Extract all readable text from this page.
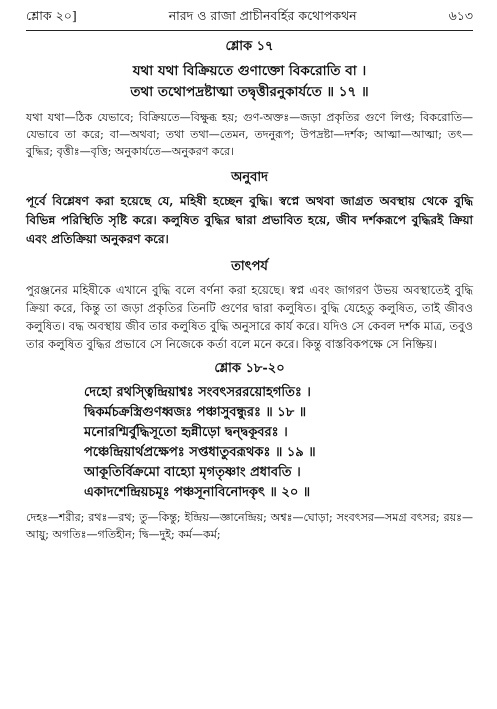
শ্লোক ২০]	নারদ ও রাজা প্রাচীনবর্হির কথোপকথন	৬১৩
শ্লোক ১৭
যথা যথা বিক্রিয়তে গুণাক্তো বিকরোতি বা ।
তথা তথোপদ্রষ্টাত্মা তদ্বৃত্তীরনুকার্যতে ॥ ১৭ ॥
যথা যথা—ঠিক যেভাবে; বিক্রিয়তে—বিক্ষুব্ধ হয়; গুণ-অক্তঃ—জড়া প্রকৃতির গুণে লিপ্ত; বিকরোতি—যেভাবে তা করে; বা—অথবা; তথা তথা—তেমন, তদনুরূপ; উপদ্রষ্টা—দর্শক; আত্মা—আত্মা; তৎ—বুদ্ধির; বৃত্তীঃ—বৃত্তি; অনুকার্যতে—অনুকরণ করে।
অনুবাদ
পূর্বে বিশ্লেষণ করা হয়েছে যে, মহিষী হচ্ছেন বুদ্ধি। স্বপ্নে অথবা জাগ্রত অবস্থায় থেকে বুদ্ধি বিভিন্ন পরিস্থিতি সৃষ্টি করে। কলুষিত বুদ্ধির দ্বারা প্রভাবিত হয়ে, জীব দর্শকরূপে বুদ্ধিরই ক্রিয়া এবং প্রতিক্রিয়া অনুকরণ করে।
তাৎপর্য
পুরঞ্জনের মহিষীকে এখানে বুদ্ধি বলে বর্ণনা করা হয়েছে। স্বপ্ন এবং জাগরণ উভয় অবস্থাতেই বুদ্ধি ক্রিয়া করে, কিন্তু তা জড়া প্রকৃতির তিনটি গুণের দ্বারা কলুষিত। বুদ্ধি যেহেতু কলুষিত, তাই জীবও কলুষিত। বদ্ধ অবস্থায় জীব তার কলুষিত বুদ্ধি অনুসারে কার্য করে। যদিও সে কেবল দর্শক মাত্র, তবুও তার কলুষিত বুদ্ধির প্রভাবে সে নিজেকে কর্তা বলে মনে করে। কিন্তু বাস্তবিকপক্ষে সে নিষ্ক্রিয়।
শ্লোক ১৮-২০
দেহো রথস্ত্বিন্দ্রিয়াশ্বঃ সংবৎসররয়োহগতিঃ ।
দ্বিকর্মচক্রস্ত্রিগুণধ্বজঃ পঞ্চাসুবন্ধুরঃ ॥ ১৮ ॥
মনোরশ্মির্বুদ্ধিসূতো হৃন্নীড়ো দ্বন্দ্বকূবরঃ ।
পঞ্চেন্দ্রিয়ার্থপ্রক্ষেপঃ সপ্তধাতুবরূথকঃ ॥ ১৯ ॥
আকূতির্বিক্রমো বাহ্যো মৃগতৃষ্ণাং প্রধাবতি ।
একাদশেন্দ্রিয়চমূঃ পঞ্চসূনাবিনোদকৃৎ ॥ ২০ ॥
দেহঃ—শরীর; রথঃ—রথ; তু—কিন্তু; ইন্দ্রিয়—জ্ঞানেন্দ্রিয়; অশ্বঃ—ঘোড়া; সংবৎসর—সমগ্র বৎসর; রয়ঃ—আয়ু; অগতিঃ—গতিহীন; দ্বি—দুই; কর্ম—কর্ম;
